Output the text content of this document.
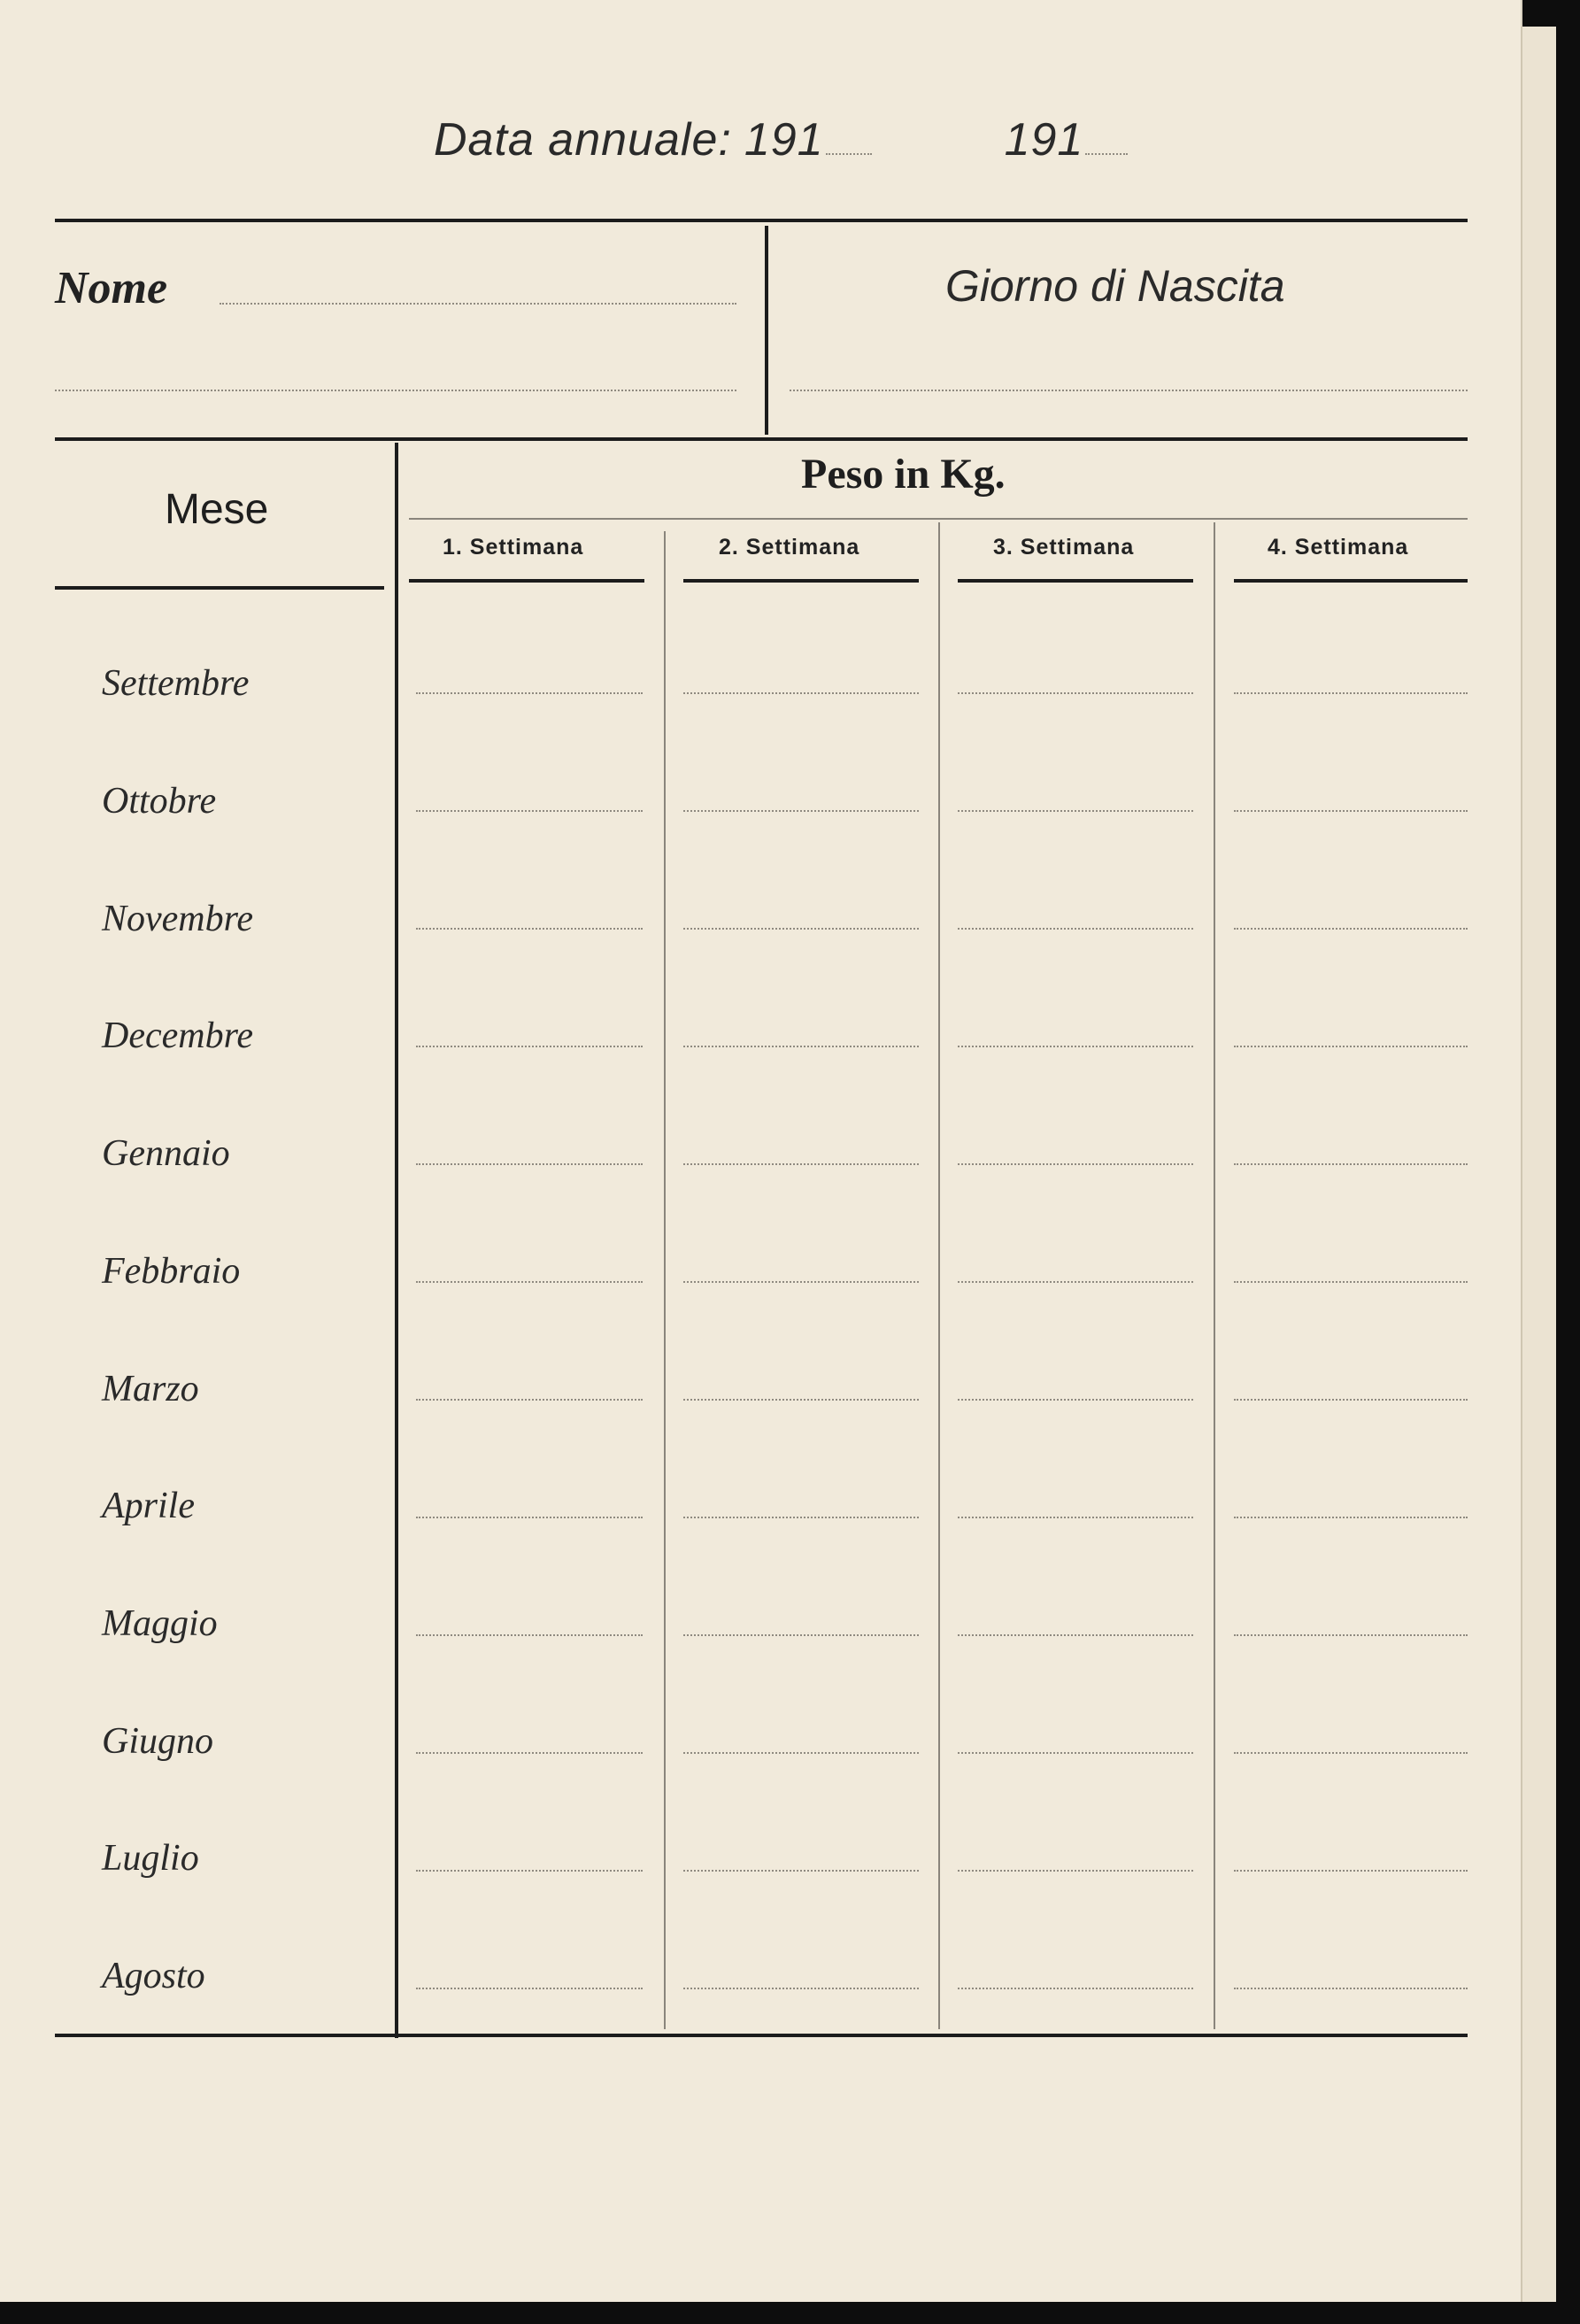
Data annuale: 191	191
Nome	Giorno di Nascita
Mese
Peso in Kg.
1. Settimana	2. Settimana	3. Settimana	4. Settimana
Settembre
Ottobre
Novembre
Decembre
Gennaio
Febbraio
Marzo
Aprile
Maggio
Giugno
Luglio
Agosto
